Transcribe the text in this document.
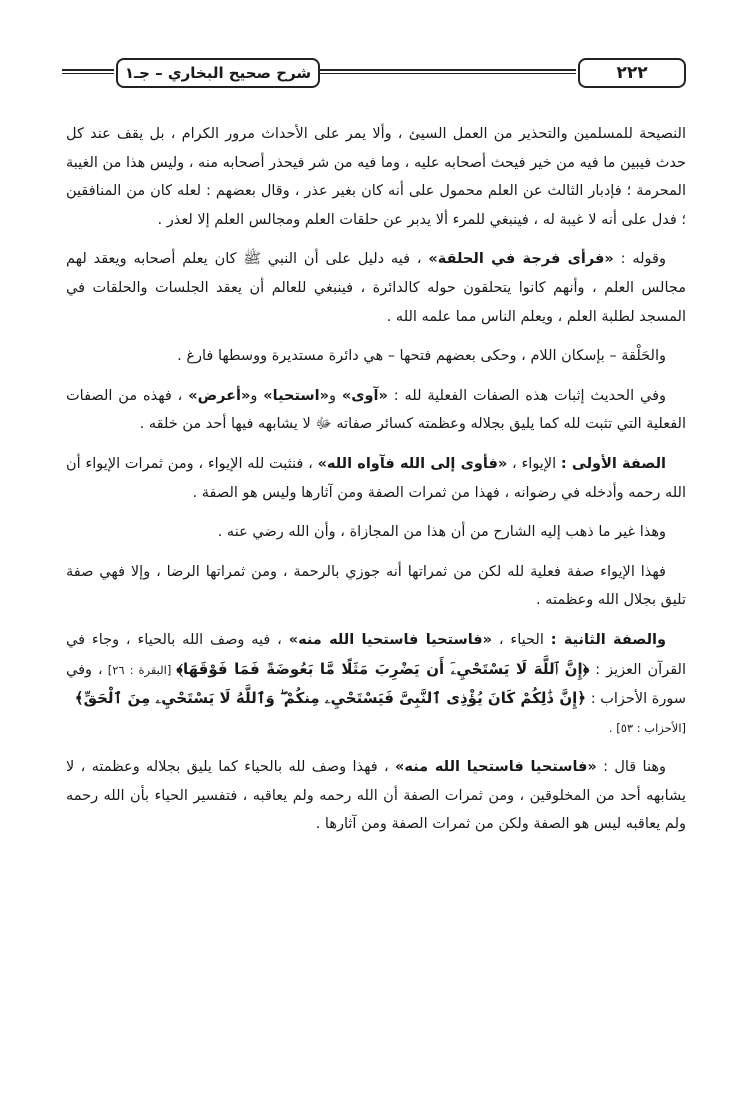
شرح صحيح البخاري – جـ١	٢٢٢

النصيحة للمسلمين والتحذير من العمل السيئ ، وألا يمر على الأحداث مرور الكرام ، بل يقف عند كل حدث فيبين ما فيه من خير فيحث أصحابه عليه ، وما فيه من شر فيحذر أصحابه منه ، وليس هذا من الغيبة المحرمة ؛ فإدبار الثالث عن العلم محمول على أنه كان بغير عذر ، وقال بعضهم : لعله كان من المنافقين ؛ فدل على أنه لا غيبة له ، فينبغي للمرء ألا يدبر عن حلقات العلم ومجالس العلم إلا لعذر .

وقوله : «فرأى فرجة في الحلقة» ، فيه دليل على أن النبي ﷺ كان يعلم أصحابه ويعقد لهم مجالس العلم ، وأنهم كانوا يتحلقون حوله كالدائرة ، فينبغي للعالم أن يعقد الجلسات والحلقات في المسجد لطلبة العلم ، ويعلم الناس مما علمه الله .

والحَلْقة – بإسكان اللام ، وحكى بعضهم فتحها – هي دائرة مستديرة ووسطها فارغ .

وفي الحديث إثبات هذه الصفات الفعلية لله : «آوى» و«استحيا» و«أعرض» ، فهذه من الصفات الفعلية التي تثبت لله كما يليق بجلاله وعظمته كسائر صفاته ﷻ لا يشابهه فيها أحد من خلقه .

الصفة الأولى : الإيواء ، «فأوى إلى الله فآواه الله» ، فنثبت لله الإيواء ، ومن ثمرات الإيواء أن الله رحمه وأدخله في رضوانه ، فهذا من ثمرات الصفة ومن آثارها وليس هو الصفة .

وهذا غير ما ذهب إليه الشارح من أن هذا من المجازاة ، وأن الله رضي عنه .

فهذا الإيواء صفة فعلية لله لكن من ثمراتها أنه جوزي بالرحمة ، ومن ثمراتها الرضا ، وإلا فهي صفة تليق بجلال الله وعظمته .

والصفة الثانية : الحياء ، «فاستحيا فاستحيا الله منه» ، فيه وصف الله بالحياء ، وجاء في القرآن العزيز : ﴿إِنَّ ٱللَّهَ لَا يَسْتَحْيِۦٓ أَن يَضْرِبَ مَثَلًا مَّا بَعُوضَةً فَمَا فَوْقَهَا﴾ [البقرة : ٢٦] ، وفي سورة الأحزاب : ﴿إِنَّ ذَٰلِكُمْ كَانَ يُؤْذِى ٱلنَّبِىَّ فَيَسْتَحْيِۦ مِنكُمْ ۖ وَٱللَّهُ لَا يَسْتَحْيِۦ مِنَ ٱلْحَقِّ﴾
[الأحزاب : ٥٣] .

وهنا قال : «فاستحيا فاستحيا الله منه» ، فهذا وصف لله بالحياء كما يليق بجلاله وعظمته ، لا يشابهه أحد من المخلوقين ، ومن ثمرات الصفة أن الله رحمه ولم يعاقبه ، فتفسير الحياء بأن الله رحمه ولم يعاقبه ليس هو الصفة ولكن من ثمرات الصفة ومن آثارها .
